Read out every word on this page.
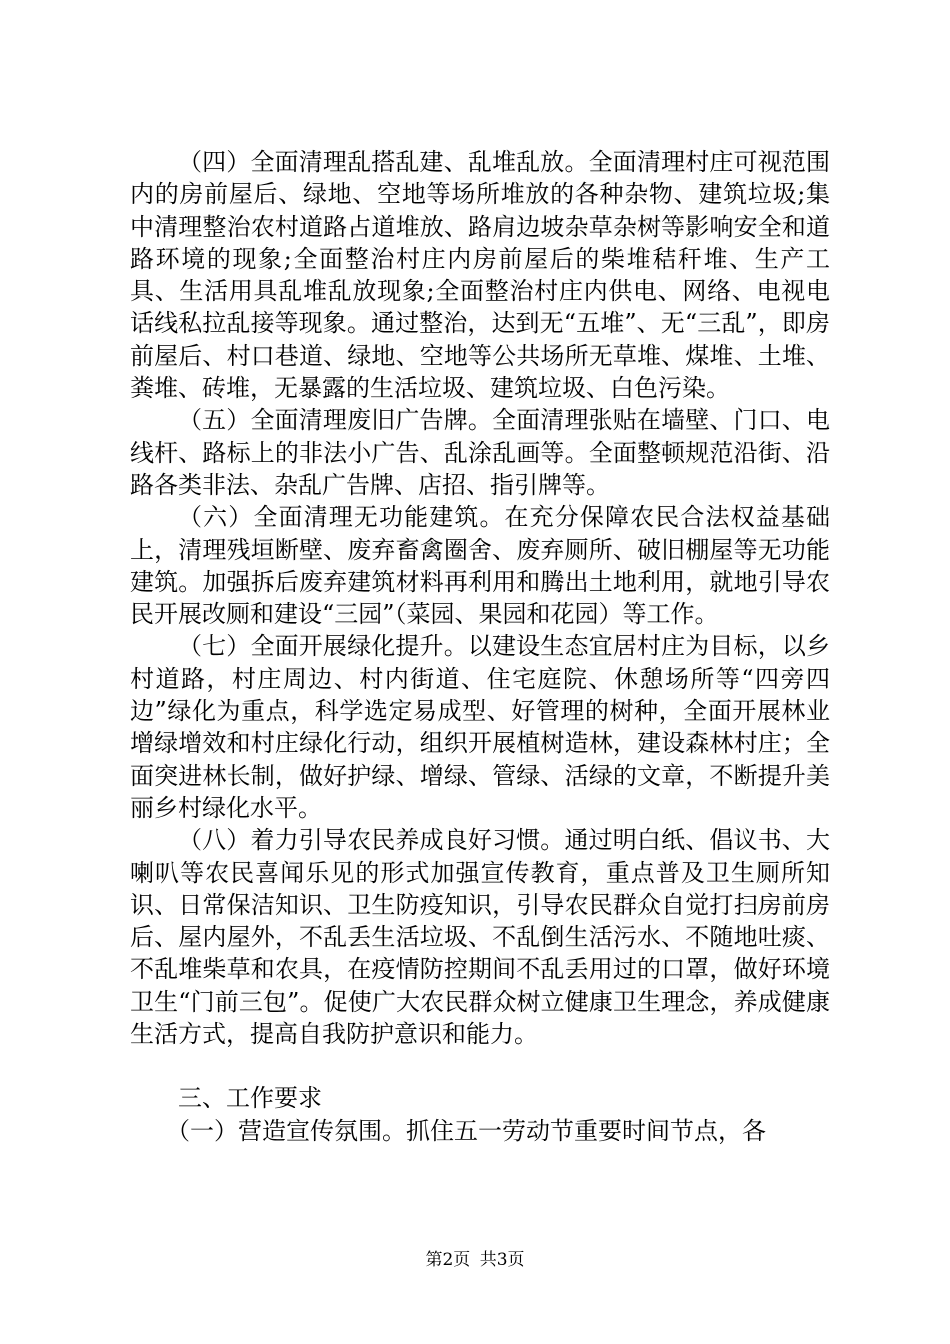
（四）全面清理乱搭乱建、乱堆乱放。全面清理村庄可视范围内的房前屋后、绿地、空地等场所堆放的各种杂物、建筑垃圾;集中清理整治农村道路占道堆放、路肩边坡杂草杂树等影响安全和道路环境的现象;全面整治村庄内房前屋后的柴堆秸秆堆、生产工具、生活用具乱堆乱放现象;全面整治村庄内供电、网络、电视电话线私拉乱接等现象。通过整治，达到无“五堆”、无“三乱”，即房前屋后、村口巷道、绿地、空地等公共场所无草堆、煤堆、土堆、粪堆、砖堆，无暴露的生活垃圾、建筑垃圾、白色污染。

（五）全面清理废旧广告牌。全面清理张贴在墙壁、门口、电线杆、路标上的非法小广告、乱涂乱画等。全面整顿规范沿街、沿路各类非法、杂乱广告牌、店招、指引牌等。

（六）全面清理无功能建筑。在充分保障农民合法权益基础上，清理残垣断壁、废弃畜禽圈舍、废弃厕所、破旧棚屋等无功能建筑。加强拆后废弃建筑材料再利用和腾出土地利用，就地引导农民开展改厕和建设“三园”（菜园、果园和花园）等工作。

（七）全面开展绿化提升。以建设生态宜居村庄为目标，以乡村道路，村庄周边、村内街道、住宅庭院、休憩场所等“四旁四边”绿化为重点，科学选定易成型、好管理的树种，全面开展林业增绿增效和村庄绿化行动，组织开展植树造林，建设森林村庄；全面突进林长制，做好护绿、增绿、管绿、活绿的文章，不断提升美丽乡村绿化水平。

（八）着力引导农民养成良好习惯。通过明白纸、倡议书、大喇叭等农民喜闻乐见的形式加强宣传教育，重点普及卫生厕所知识、日常保洁知识、卫生防疫知识，引导农民群众自觉打扫房前房后、屋内屋外，不乱丢生活垃圾、不乱倒生活污水、不随地吐痰、不乱堆柴草和农具，在疫情防控期间不乱丢用过的口罩，做好环境卫生“门前三包”。促使广大农民群众树立健康卫生理念，养成健康生活方式，提高自我防护意识和能力。

三、工作要求

（一）营造宣传氛围。抓住五一劳动节重要时间节点，各

第2页 共3页
